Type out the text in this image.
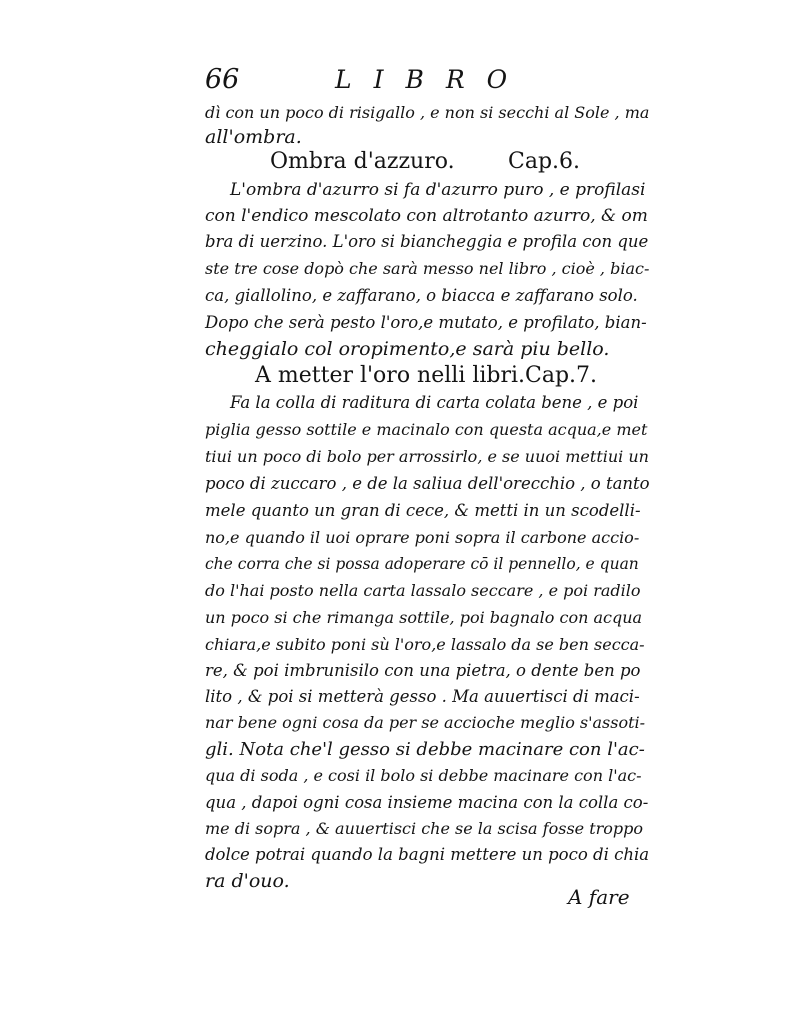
66	LIBRO
dì con un poco di risigallo , e non si secchi al Sole , ma
all'ombra.
Ombra d'azzuro. Cap.6.
L'ombra d'azurro si fa d'azurro puro , e profilasi
con l'endico mescolato con altrotanto azurro, & om
bra di uerzino. L'oro si biancheggia e profila con que
ste tre cose dopò che sarà messo nel libro , cioè , biac-
ca, giallolino, e zaffarano, o biacca e zaffarano solo.
Dopo che serà pesto l'oro,e mutato, e profilato, bian-
cheggialo col oropimento,e sarà piu bello.
A metter l'oro nelli libri. Cap.7.
Fa la colla di raditura di carta colata bene , e poi
piglia gesso sottile e macinalo con questa acqua,e met
tiui un poco di bolo per arrossirlo, e se uuoi mettiui un
poco di zuccaro , e de la saliua dell'orecchio , o tanto
mele quanto un gran di cece, & metti in un scodelli-
no,e quando il uoi oprare poni sopra il carbone accio-
che corra che si possa adoperare cō il pennello, e quan
do l'hai posto nella carta lassalo seccare , e poi radilo
un poco si che rimanga sottile, poi bagnalo con acqua
chiara,e subito poni sù l'oro,e lassalo da se ben secca-
re, & poi imbrunisilo con una pietra, o dente ben po
lito , & poi si metterà gesso . Ma auuertisci di maci-
nar bene ogni cosa da per se accioche meglio s'assoti-
gli. Nota che'l gesso si debbe macinare con l'ac-
qua di soda , e cosi il bolo si debbe macinare con l'ac-
qua , dapoi ogni cosa insieme macina con la colla co-
me di sopra , & auuertisci che se la scisa fosse troppo
dolce potrai quando la bagni mettere un poco di chia
ra d'ouo.
A fare
